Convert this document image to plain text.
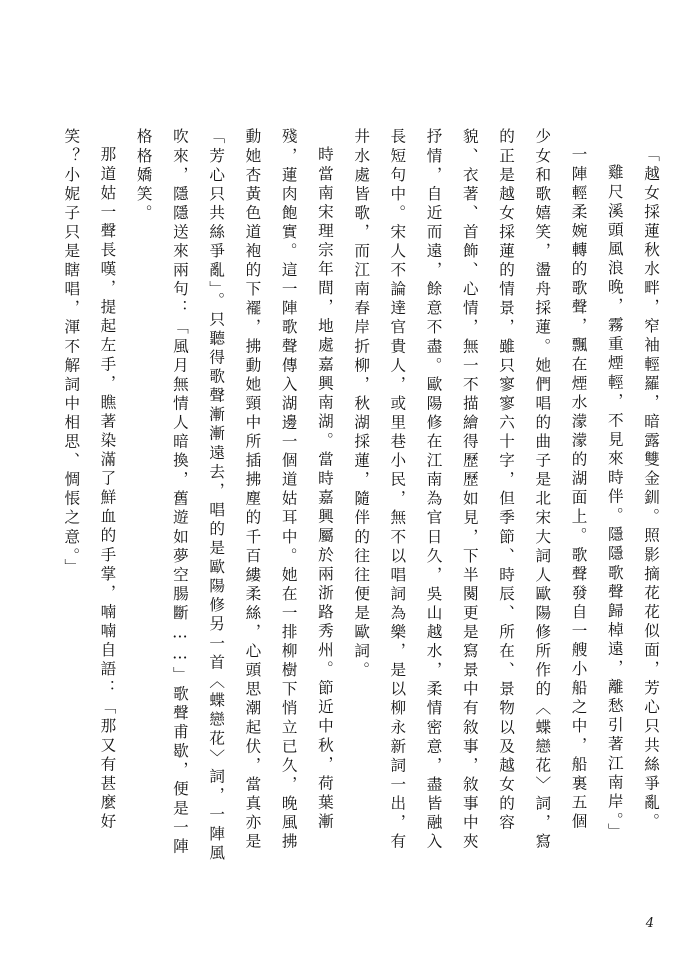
「越女採蓮秋水畔，窄袖輕羅，暗露雙金釧。照影摘花花似面，芳心只共絲爭亂。
雞尺溪頭風浪晚，霧重煙輕，不見來時伴。隱隱歌聲歸棹遠，離愁引著江南岸。」
一陣輕柔婉轉的歌聲，飄在煙水濛濛的湖面上。歌聲發自一艘小船之中，船裏五個
少女和歌嬉笑，盪舟採蓮。她們唱的曲子是北宋大詞人歐陽修所作的〈蝶戀花〉詞，寫
的正是越女採蓮的情景，雖只寥寥六十字，但季節、時辰、所在、景物以及越女的容
貌、衣著、首飾、心情，無一不描繪得歷歷如見，下半闋更是寫景中有敘事，敘事中夾
抒情，自近而遠，餘意不盡。歐陽修在江南為官日久，吳山越水，柔情密意，盡皆融入
長短句中。宋人不論達官貴人，或里巷小民，無不以唱詞為樂，是以柳永新詞一出，有
井水處皆歌，而江南春岸折柳，秋湖採蓮，隨伴的往往便是歐詞。
時當南宋理宗年間，地處嘉興南湖。當時嘉興屬於兩浙路秀州。節近中秋，荷葉漸
殘，蓮肉飽實。這一陣歌聲傳入湖邊一個道姑耳中。她在一排柳樹下悄立已久，晚風拂
動她杏黃色道袍的下襬，拂動她頸中所插拂塵的千百縷柔絲，心頭思潮起伏，當真亦是
「芳心只共絲爭亂」。只聽得歌聲漸漸遠去，唱的是歐陽修另一首〈蝶戀花〉詞，一陣風
吹來，隱隱送來兩句：「風月無情人暗換，舊遊如夢空腸斷……」歌聲甫歇，便是一陣
格格嬌笑。
那道姑一聲長嘆，提起左手，瞧著染滿了鮮血的手掌，喃喃自語：「那又有甚麼好
笑？小妮子只是瞎唱，渾不解詞中相思、惆悵之意。」
4
